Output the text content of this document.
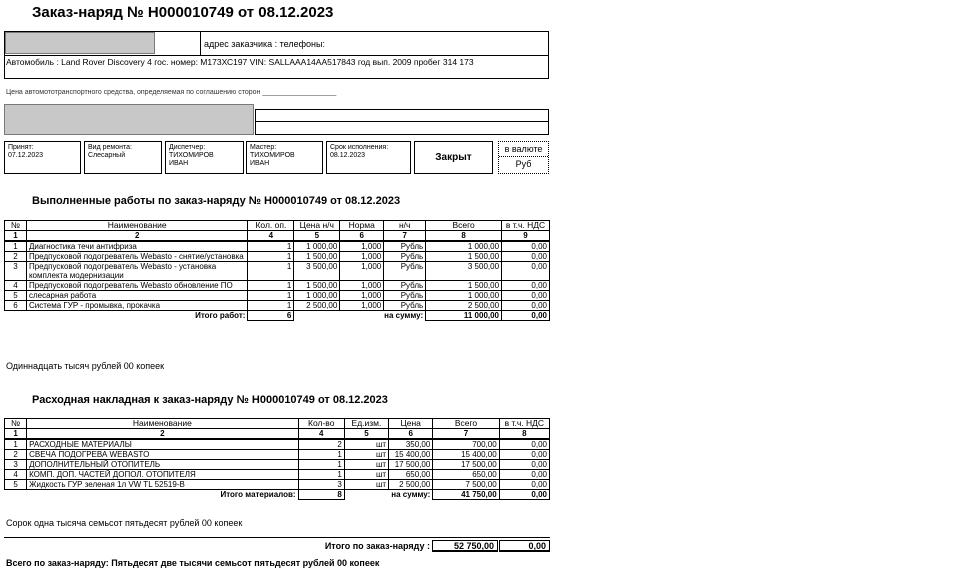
Заказ-наряд № Н000010749 от 08.12.2023
адрес заказчика : телефоны:
Автомобиль : Land Rover Discovery 4 гос. номер: М173ХС197 VIN: SALLAAA14AA517843 год вып. 2009 пробег 314 173
Цена автомототранспортного средства, определяемая по соглашению сторон ___________________
Принят:
07.12.2023
Вид ремонта:
Слесарный
Диспетчер:
ТИХОМИРОВ ИВАН
Мастер:
ТИХОМИРОВ ИВАН
Срок исполнения:
08.12.2023	Закрыт
в валюте
Руб
Выполненные работы по заказ-наряду № Н000010749 от 08.12.2023
№	Наименование	Кол. оп.	Цена н/ч	Норма	н/ч	Всего	в т.ч. НДС
1	2	4	5	6	7	8	9
1	Диагностика течи антифриза	1	1 000,00	1,000	Рубль	1 000,00	0,00
2	Предпусковой подогреватель Webasto - снятие/установка	1	1 500,00	1,000	Рубль	1 500,00	0,00
3	Предпусковой подогреватель Webasto - установка комплекта модернизации	1	3 500,00	1,000	Рубль	3 500,00	0,00
4	Предпусковой подогреватель Webasto обновление ПО	1	1 500,00	1,000	Рубль	1 500,00	0,00
5	слесарная работа	1	1 000,00	1,000	Рубль	1 000,00	0,00
6	Система ГУР - промывка, прокачка	1	2 500,00	1,000	Рубль	2 500,00	0,00
	Итого работ:	6		на сумму:		11 000,00	0,00
Одиннадцать тысяч рублей 00 копеек
Расходная накладная к заказ-наряду № Н000010749 от 08.12.2023
№	Наименование	Кол-во	Ед.изм.	Цена	Всего	в т.ч. НДС
1	2	4	5	6	7	8
1	РАСХОДНЫЕ МАТЕРИАЛЫ	2	шт	350,00	700,00	0,00
2	СВЕЧА ПОДОГРЕВА WEBASTO	1	шт	15 400,00	15 400,00	0,00
3	ДОПОЛНИТЕЛЬНЫЙ ОТОПИТЕЛЬ	1	шт	17 500,00	17 500,00	0,00
4	КОМП. ДОП. ЧАСТЕЙ ДОПОЛ. ОТОПИТЕЛЯ	1	шт	650,00	650,00	0,00
5	Жидкость ГУР зеленая 1л VW TL 52519-B	3	шт	2 500,00	7 500,00	0,00
	Итого материалов:	8	на сумму:		41 750,00	0,00
Сорок одна тысяча семьсот пятьдесят рублей 00 копеек
Итого по заказ-наряду :	52 750,00	0,00
Всего по заказ-наряду: Пятьдесят две тысячи семьсот пятьдесят рублей 00 копеек
